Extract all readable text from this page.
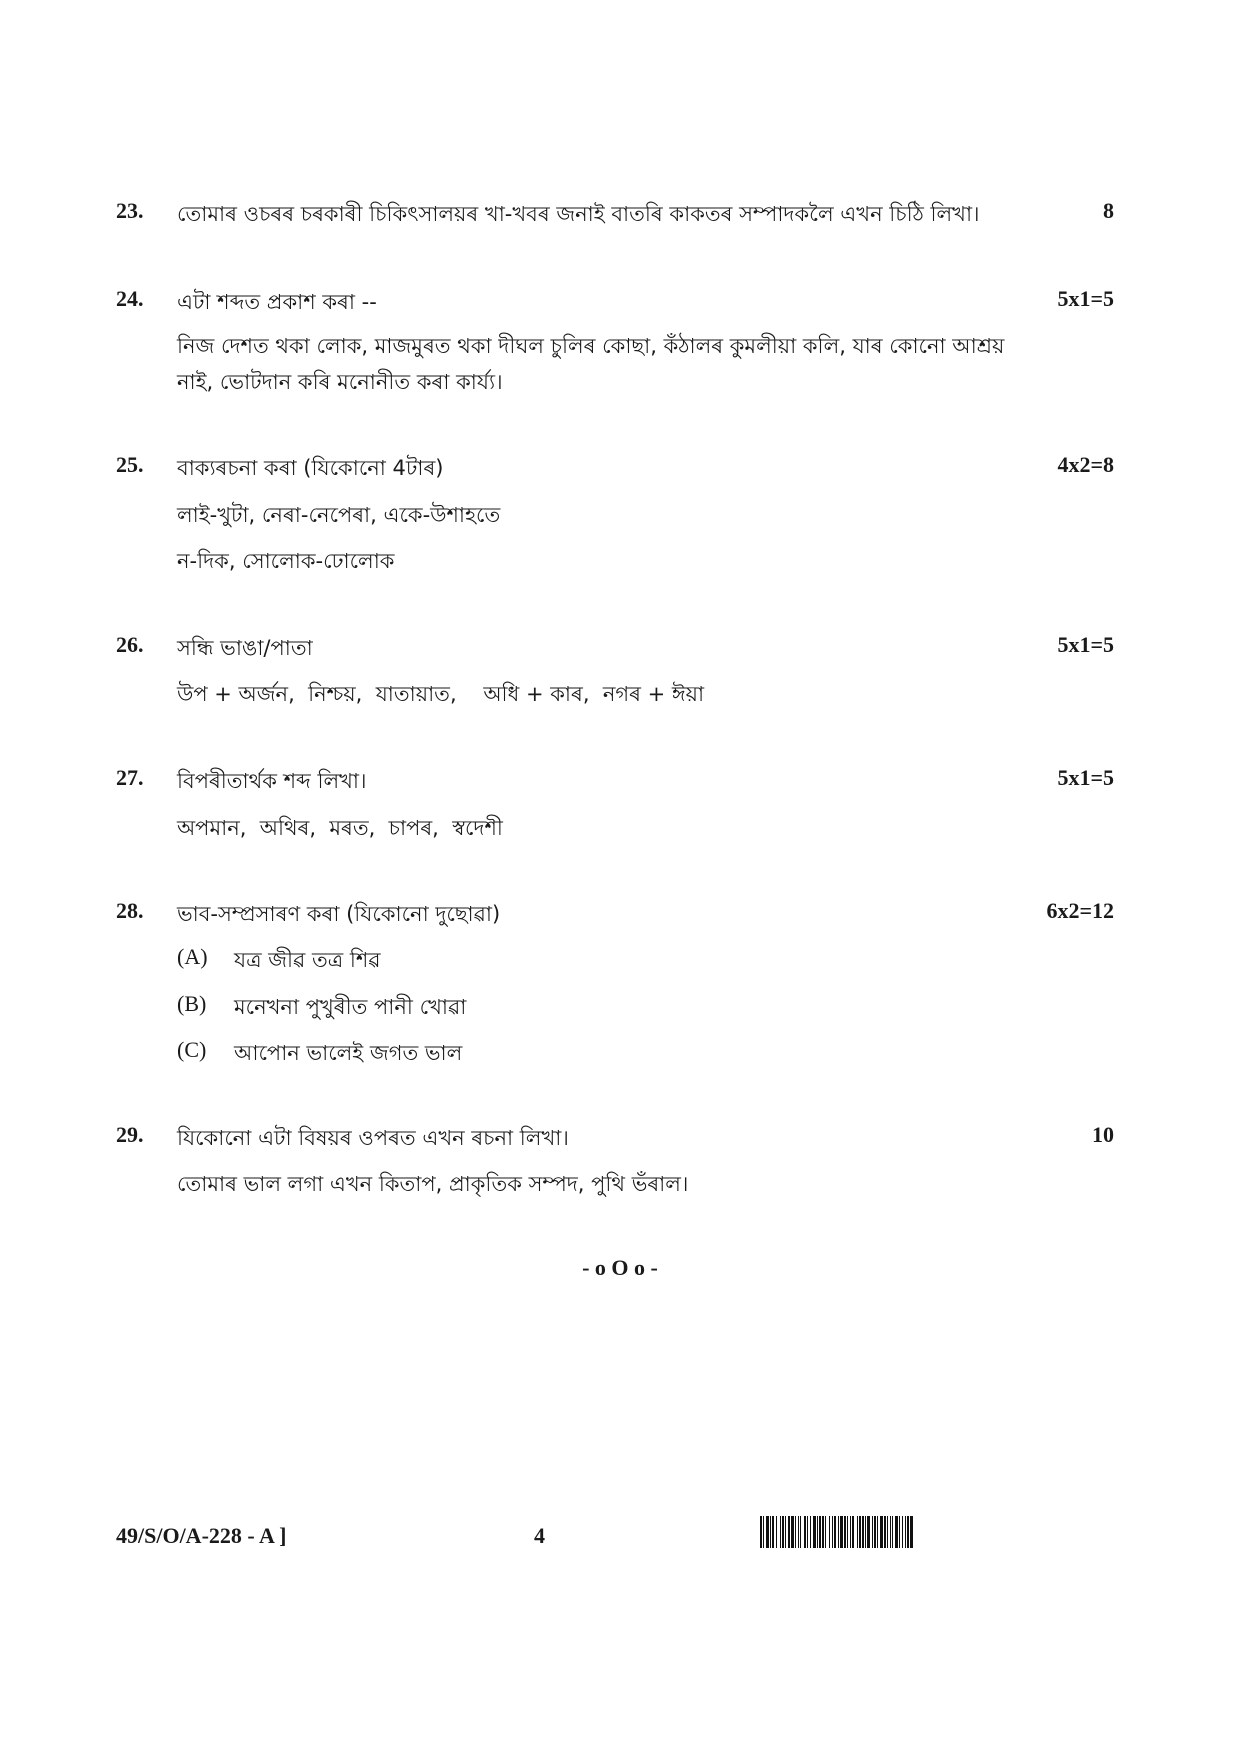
23. তোমাৰ ওচৰৰ চৰকাৰী চিকিৎসালয়ৰ খা-খবৰ জনাই বাতৰি কাকতৰ সম্পাদকলৈ এখন চিঠি লিখা।	8
24. এটা শব্দত প্ৰকাশ কৰা --	5x1=5
নিজ দেশত থকা লোক, মাজমুৰত থকা দীঘল চুলিৰ কোছা, কঁঠালৰ কুমলীয়া কলি, যাৰ কোনো আশ্ৰয়
নাই, ভোটদান কৰি মনোনীত কৰা কাৰ্য্য।
25. বাক্যৰচনা কৰা (যিকোনো 4টাৰ)	4x2=8
লাই-খুটা, নেৰা-নেপেৰা, একে-উশাহতে
ন-দিক, সোলোক-ঢোলোক
26. সন্ধি ভাঙা/পাতা	5x1=5
উপ + অৰ্জন,  নিশ্চয়,  যাতায়াত,    অধি + কাৰ,  নগৰ + ঈয়া
27. বিপৰীতাৰ্থক শব্দ লিখা।	5x1=5
অপমান,  অথিৰ,  মৰত,  চাপৰ,  স্বদেশী
28. ভাব-সম্প্ৰসাৰণ কৰা (যিকোনো দুছোৱা)	6x2=12
(A) যত্ৰ জীৱ তত্ৰ শিৱ
(B) মনেখনা পুখুৰীত পানী খোৱা
(C) আপোন ভালেই জগত ভাল
29. যিকোনো এটা বিষয়ৰ ওপৰত এখন ৰচনা লিখা।	10
তোমাৰ ভাল লগা এখন কিতাপ, প্ৰাকৃতিক সম্পদ, পুথি ভঁৰাল।
- o O o -
49/S/O/A-228 - A ]	4
